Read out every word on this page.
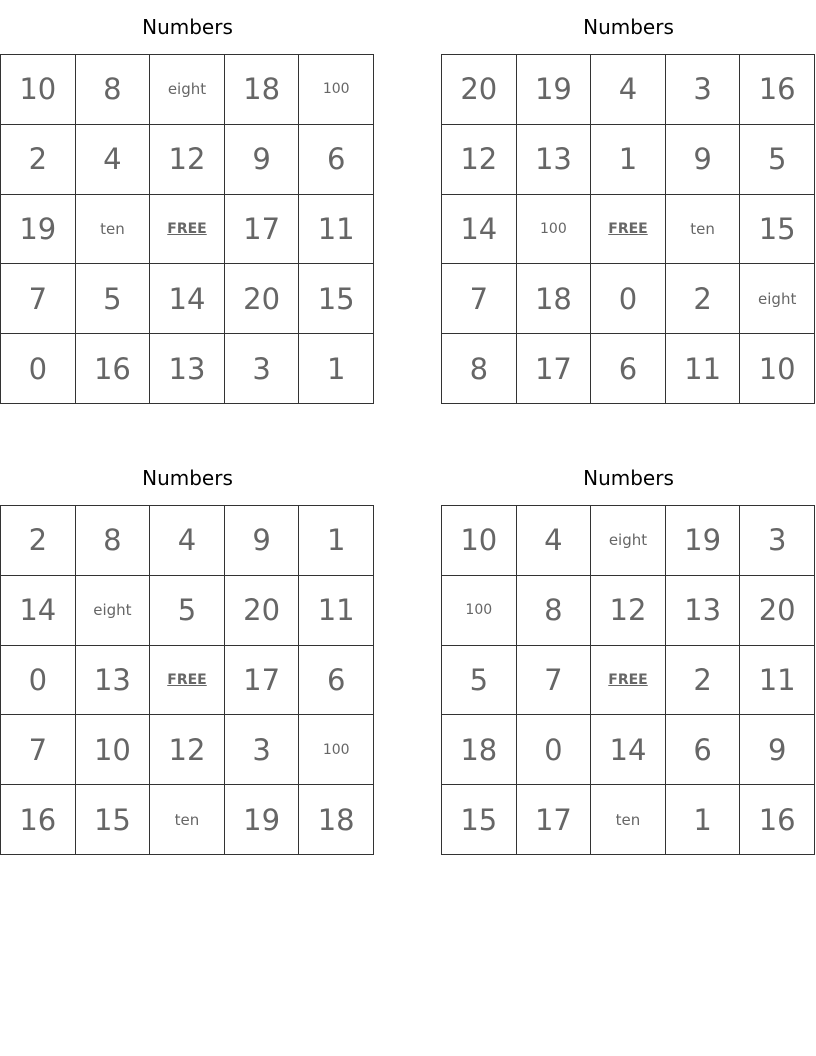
Numbers
10	8	eight	18	100
2	4	12	9	6
19	ten	FREE	17	11
7	5	14	20	15
0	16	13	3	1
Numbers
20	19	4	3	16
12	13	1	9	5
14	100	FREE	ten	15
7	18	0	2	eight
8	17	6	11	10
Numbers
2	8	4	9	1
14	eight	5	20	11
0	13	FREE	17	6
7	10	12	3	100
16	15	ten	19	18
Numbers
10	4	eight	19	3
100	8	12	13	20
5	7	FREE	2	11
18	0	14	6	9
15	17	ten	1	16
